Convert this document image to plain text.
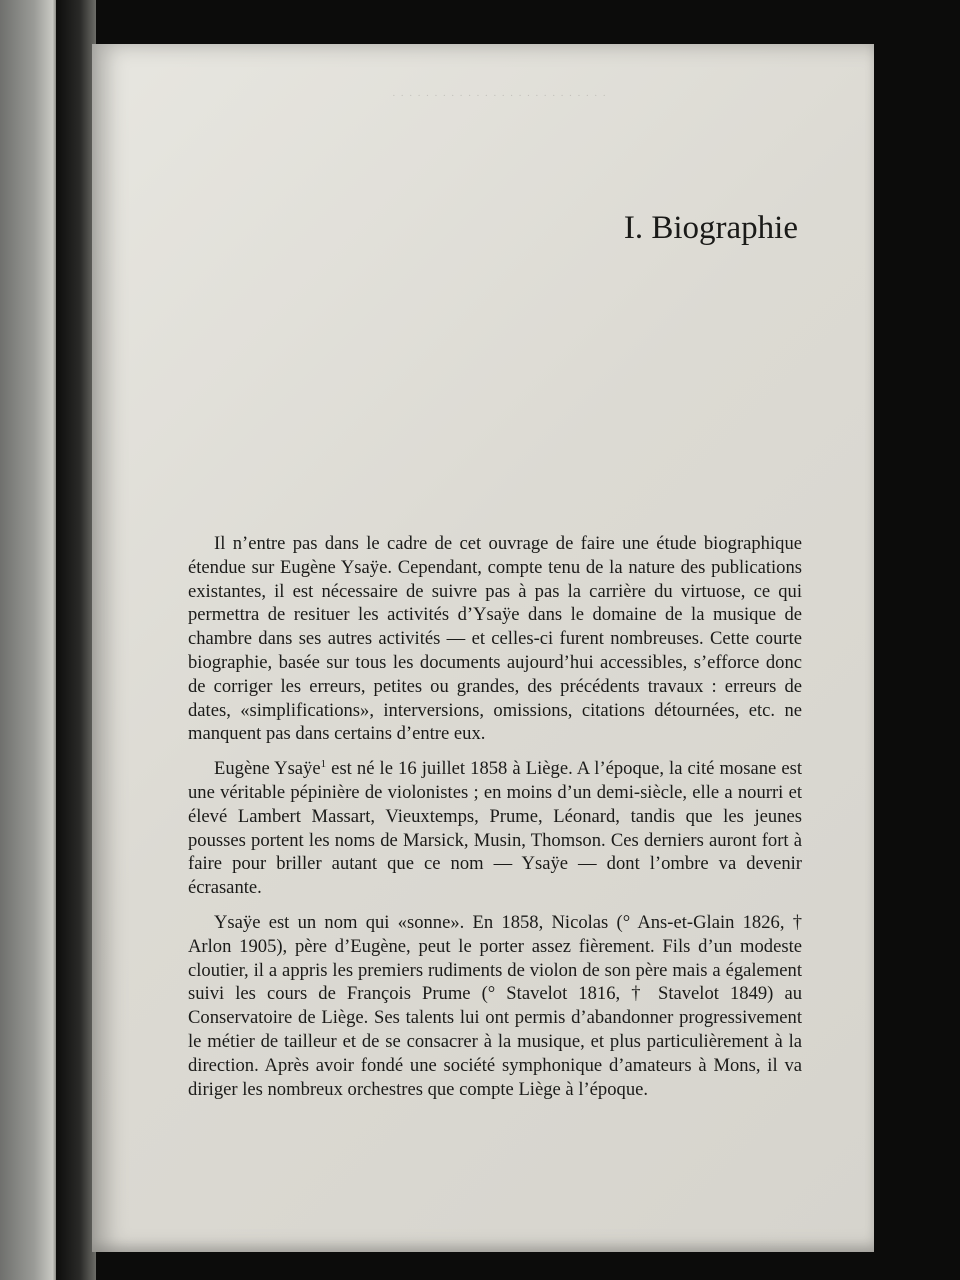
· · · · · · · · · · · · · · · · · · · · · · · · · ·
I. Biographie

Il n’entre pas dans le cadre de cet ouvrage de faire une étude biographique étendue sur Eugène Ysaÿe. Cependant, compte tenu de la nature des publications existantes, il est nécessaire de suivre pas à pas la carrière du virtuose, ce qui permettra de resituer les activités d’Ysaÿe dans le domaine de la musique de chambre dans ses autres activités — et celles-ci furent nombreuses. Cette courte biographie, basée sur tous les documents aujourd’hui accessibles, s’efforce donc de corriger les erreurs, petites ou grandes, des précédents travaux : erreurs de dates, «simplifications», interversions, omissions, citations détournées, etc. ne manquent pas dans certains d’entre eux.

Eugène Ysaÿe$^1$ est né le 16 juillet 1858 à Liège. A l’époque, la cité mosane est une véritable pépinière de violonistes ; en moins d’un demi-siècle, elle a nourri et élevé Lambert Massart, Vieuxtemps, Prume, Léonard, tandis que les jeunes pousses portent les noms de Marsick, Musin, Thomson. Ces derniers auront fort à faire pour briller autant que ce nom — Ysaÿe — dont l’ombre va devenir écrasante.

Ysaÿe est un nom qui «sonne». En 1858, Nicolas (° Ans-et-Glain 1826, † Arlon 1905), père d’Eugène, peut le porter assez fièrement. Fils d’un modeste cloutier, il a appris les premiers rudiments de violon de son père mais a également suivi les cours de François Prume (° Stavelot 1816, † Stavelot 1849) au Conservatoire de Liège. Ses talents lui ont permis d’abandonner progressivement le métier de tailleur et de se consacrer à la musique, et plus particulièrement à la direction. Après avoir fondé une société symphonique d’amateurs à Mons, il va diriger les nombreux orchestres que compte Liège à l’époque.
